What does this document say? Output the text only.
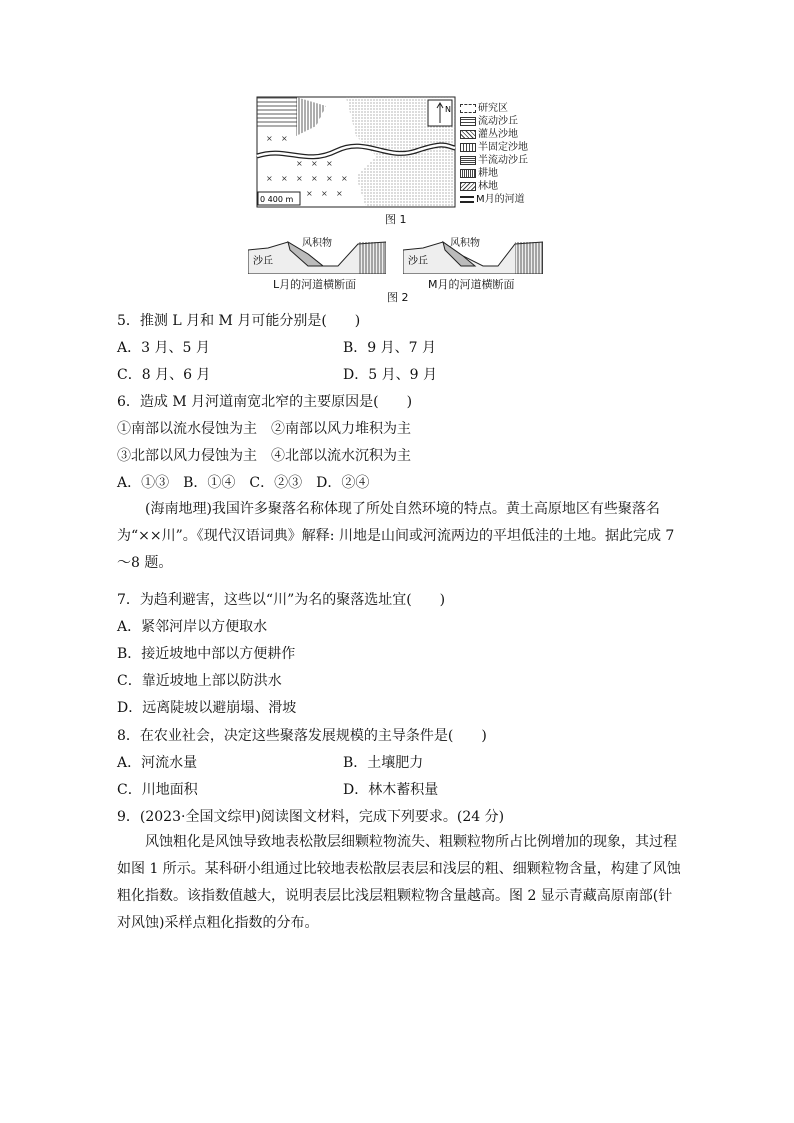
× ×
× × × × ×
× × ×
×
× × ×
N
0 400 m
研究区
流动沙丘
灌丛沙地
半固定沙地
半流动沙丘
耕地
林地
M月的河道
图 1
沙丘
风积物
L月的河道横断面
沙丘
风积物
M月的河道横断面
图 2
5．推测 L 月和 M 月可能分别是(　　)
A．3 月、5 月	B．9 月、7 月
C．8 月、6 月	D．5 月、9 月
6．造成 M 月河道南宽北窄的主要原因是(　　)
①南部以流水侵蚀为主　②南部以风力堆积为主
③北部以风力侵蚀为主　④北部以流水沉积为主
A．①③　B．①④　C．②③　D．②④
(海南地理)我国许多聚落名称体现了所处自然环境的特点。黄土高原地区有些聚落名为“××川”。《现代汉语词典》解释: 川地是山间或河流两边的平坦低洼的土地。据此完成 7～8 题。
7．为趋利避害，这些以“川”为名的聚落选址宜(　　)
A．紧邻河岸以方便取水
B．接近坡地中部以方便耕作
C．靠近坡地上部以防洪水
D．远离陡坡以避崩塌、滑坡
8．在农业社会，决定这些聚落发展规模的主导条件是(　　)
A．河流水量	B．土壤肥力
C．川地面积	D．林木蓄积量
9．(2023·全国文综甲)阅读图文材料，完成下列要求。(24 分)
风蚀粗化是风蚀导致地表松散层细颗粒物流失、粗颗粒物所占比例增加的现象，其过程如图 1 所示。某科研小组通过比较地表松散层表层和浅层的粗、细颗粒物含量，构建了风蚀粗化指数。该指数值越大，说明表层比浅层粗颗粒物含量越高。图 2 显示青藏高原南部(针对风蚀)采样点粗化指数的分布。
